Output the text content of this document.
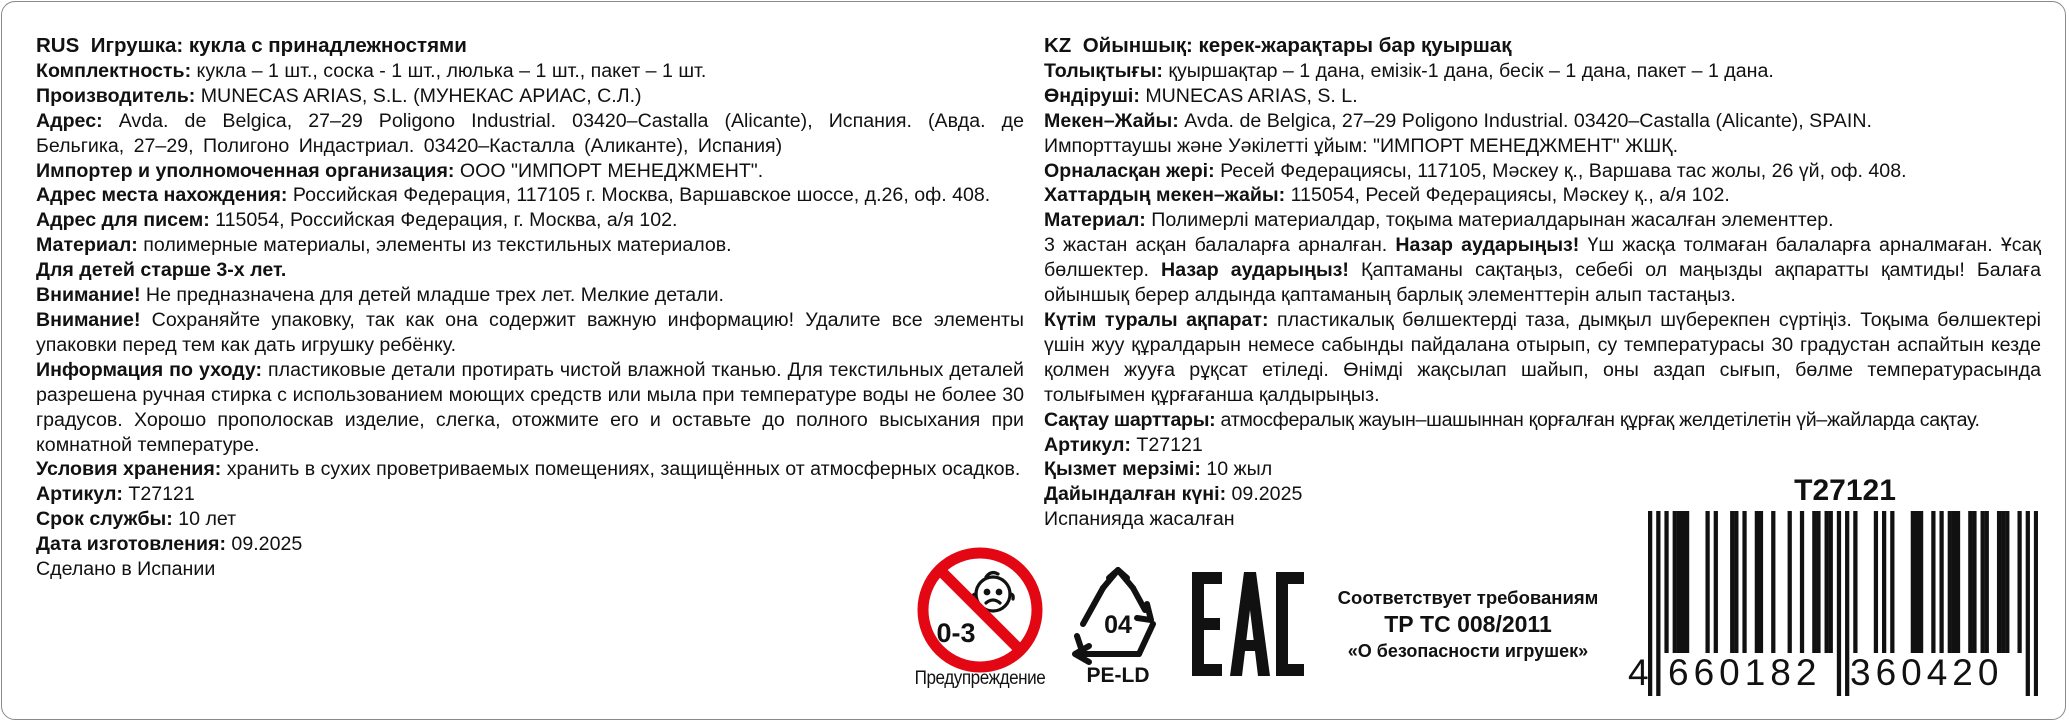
RUS Игрушка: кукла с принадлежностями

Комплектность: кукла – 1 шт., соска - 1 шт., люлька – 1 шт., пакет – 1 шт.

Производитель: MUNECAS ARIAS, S.L. (МУНЕКАС АРИАС, С.Л.)

Адрес: Avda. de Belgica, 27–29 Poligono Industrial. 03420–Castalla (Alicante), Испания. (Авда. де Бельгика, 27–29, Полигоно Индастриал. 03420–Касталла (Аликанте), Испания)

Импортер и уполномоченная организация: ООО "ИМПОРТ МЕНЕДЖМЕНТ".

Адрес места нахождения: Российская Федерация, 117105 г. Москва, Варшавское шоссе, д.26, оф. 408.

Адрес для писем: 115054, Российская Федерация, г. Москва, а/я 102.

Материал: полимерные материалы, элементы из текстильных материалов.

Для детей старше 3-х лет.

Внимание! Не предназначена для детей младше трех лет. Мелкие детали.

Внимание! Сохраняйте упаковку, так как она содержит важную информацию! Удалите все элементы упаковки перед тем как дать игрушку ребёнку.

Информация по уходу: пластиковые детали протирать чистой влажной тканью. Для текстильных деталей разрешена ручная стирка с использованием моющих средств или мыла при температуре воды не более 30 градусов. Хорошо прополоскав изделие, слегка, отожмите его и оставьте до полного высыхания при комнатной температуре.

Условия хранения: хранить в сухих проветриваемых помещениях, защищённых от атмосферных осадков.

Артикул: T27121

Срок службы: 10 лет

Дата изготовления: 09.2025

Сделано в Испании

KZ Ойыншық: керек-жарақтары бар қуыршақ

Толықтығы: қуыршақтар – 1 дана, емізік-1 дана, бесік – 1 дана, пакет – 1 дана.

Өндіруші: MUNECAS ARIAS, S. L.

Мекен–Жайы: Avda. de Belgica, 27–29 Poligono Industrial. 03420–Castalla (Alicante), SPAIN.

Импорттаушы және Уәкілетті ұйым: "ИМПОРТ МЕНЕДЖМЕНТ" ЖШҚ.

Орналасқан жері: Ресей Федерациясы, 117105, Мәскеу қ., Варшава тас жолы, 26 үй, оф. 408.

Хаттардың мекен–жайы: 115054, Ресей Федерациясы, Мәскеу қ., а/я 102.

Материал: Полимерлі материалдар, тоқыма материалдарынан жасалған элементтер.

3 жастан асқан балаларға арналған. Назар аударыңыз! Үш жасқа толмаған балаларға арналмаған. Ұсақ бөлшектер. Назар аударыңыз! Қаптаманы сақтаңыз, себебі ол маңызды ақпаратты қамтиды! Балаға ойыншық берер алдында қаптаманың барлық элементтерін алып тастаңыз.

Күтім туралы ақпарат: пластикалық бөлшектерді таза, дымқыл шүберекпен сүртіңіз. Тоқыма бөлшектері үшін жуу құралдарын немесе сабынды пайдалана отырып, су температурасы 30 градустан аспайтын кезде қолмен жууға рұқсат етіледі. Өнімді жақсылап шайып, оны аздап сығып, бөлме температурасында толығымен құрғағанша қалдырыңыз.

Сақтау шарттары: атмосфералық жауын–шашыннан қорғалған құрғақ желдетілетін үй–жайларда сақтау.

Артикул: T27121

Қызмет мерзімі: 10 жыл

Дайындалған күні: 09.2025

Испанияда жасалған

0-3
Предупреждение
04
PE-LD
Соответствует требованиям
ТР ТС 008/2011
«О безопасности игрушек»
T27121
4 660182 360420
